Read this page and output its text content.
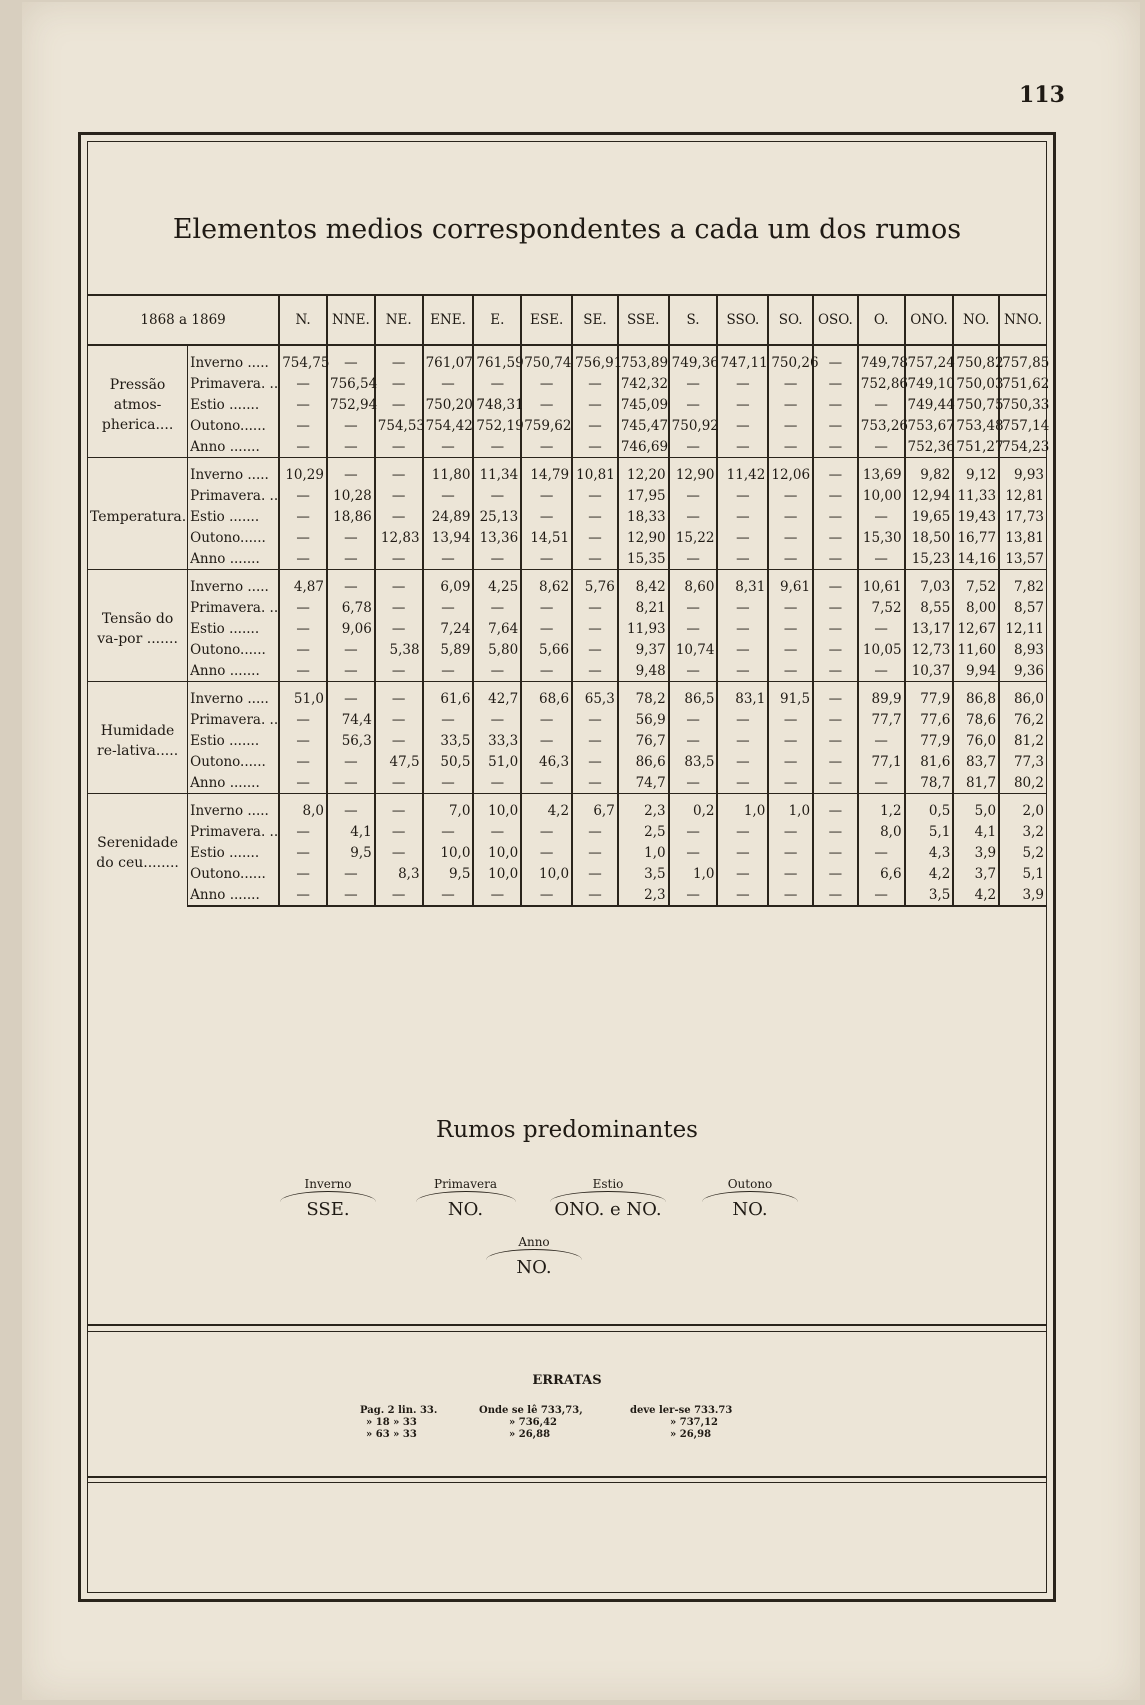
113
Elementos medios correspondentes a cada um dos rumos
1868 a 1869		N.	NNE.	NE.	ENE.	E.	ESE.	SE.	SSE.	S.	SSO.	SO.	OSO.	O.	ONO.	NO.	NNO.
Pressão atmos-pherica....	Inverno .....	754,75	—	—	761,07	761,59	750,74	756,91	753,89	749,36	747,11	750,26	—	749,78	757,24	750,82	757,85
	Primavera. ..	—	756,54	—	—	—	—	—	742,32	—	—	—	—	752,86	749,10	750,03	751,62
	Estio .......	—	752,94	—	750,20	748,31	—	—	745,09	—	—	—	—	—	749,44	750,75	750,33
	Outono......	—	—	754,53	754,42	752,19	759,62	—	745,47	750,92	—	—	—	753,26	753,67	753,48	757,14
	Anno .......	—	—	—	—	—	—	—	746,69	—	—	—	—	—	752,36	751,27	754,23
Temperatura.	Inverno .....	10,29	—	—	11,80	11,34	14,79	10,81	12,20	12,90	11,42	12,06	—	13,69	9,82	9,12	9,93
	Primavera. ..	—	10,28	—	—	—	—	—	17,95	—	—	—	—	10,00	12,94	11,33	12,81
	Estio .......	—	18,86	—	24,89	25,13	—	—	18,33	—	—	—	—	—	19,65	19,43	17,73
	Outono......	—	—	12,83	13,94	13,36	14,51	—	12,90	15,22	—	—	—	15,30	18,50	16,77	13,81
	Anno .......	—	—	—	—	—	—	—	15,35	—	—	—	—	—	15,23	14,16	13,57
Tensão do va-por .......	Inverno .....	4,87	—	—	6,09	4,25	8,62	5,76	8,42	8,60	8,31	9,61	—	10,61	7,03	7,52	7,82
	Primavera. ..	—	6,78	—	—	—	—	—	8,21	—	—	—	—	7,52	8,55	8,00	8,57
	Estio .......	—	9,06	—	7,24	7,64	—	—	11,93	—	—	—	—	—	13,17	12,67	12,11
	Outono......	—	—	5,38	5,89	5,80	5,66	—	9,37	10,74	—	—	—	10,05	12,73	11,60	8,93
	Anno .......	—	—	—	—	—	—	—	9,48	—	—	—	—	—	10,37	9,94	9,36
Humidade re-lativa.....	Inverno .....	51,0	—	—	61,6	42,7	68,6	65,3	78,2	86,5	83,1	91,5	—	89,9	77,9	86,8	86,0
	Primavera. ..	—	74,4	—	—	—	—	—	56,9	—	—	—	—	77,7	77,6	78,6	76,2
	Estio .......	—	56,3	—	33,5	33,3	—	—	76,7	—	—	—	—	—	77,9	76,0	81,2
	Outono......	—	—	47,5	50,5	51,0	46,3	—	86,6	83,5	—	—	—	77,1	81,6	83,7	77,3
	Anno .......	—	—	—	—	—	—	—	74,7	—	—	—	—	—	78,7	81,7	80,2
Serenidade do ceu........	Inverno .....	8,0	—	—	7,0	10,0	4,2	6,7	2,3	0,2	1,0	1,0	—	1,2	0,5	5,0	2,0
	Primavera. ..	—	4,1	—	—	—	—	—	2,5	—	—	—	—	8,0	5,1	4,1	3,2
	Estio .......	—	9,5	—	10,0	10,0	—	—	1,0	—	—	—	—	—	4,3	3,9	5,2
	Outono......	—	—	8,3	9,5	10,0	10,0	—	3,5	1,0	—	—	—	6,6	4,2	3,7	5,1
	Anno .......	—	—	—	—	—	—	—	2,3	—	—	—	—	—	3,5	4,2	3,9
Rumos predominantes
Inverno
SSE.
Primavera
NO.
Estio
ONO. e NO.
Outono
NO.
Anno
NO.
ERRATAS
Pag. 2 lin. 33.
» 18 » 33
» 63 » 33
Onde se lê 733,73,
» 736,42
» 26,88
deve ler-se 733.73
» 737,12
» 26,98
